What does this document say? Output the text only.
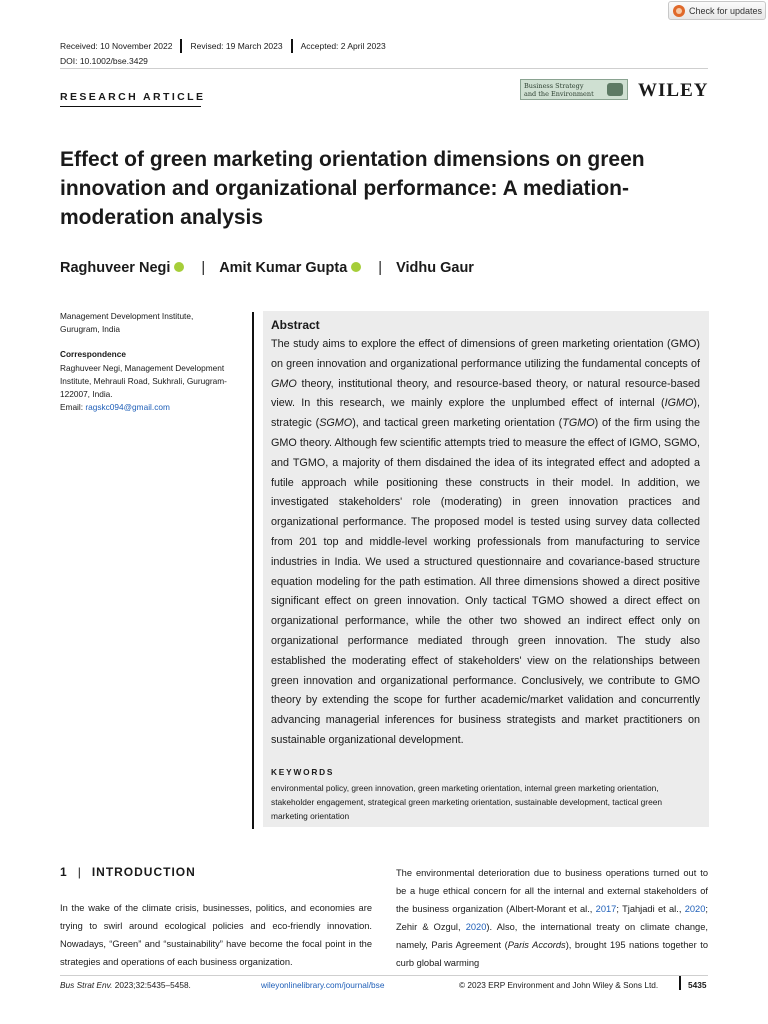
Check for updates
Received: 10 November 2022 Revised: 19 March 2023 Accepted: 2 April 2023
DOI: 10.1002/bse.3429
RESEARCH ARTICLE
Business Strategy
and the Environment	WILEY
Effect of green marketing orientation dimensions on green innovation and organizational performance: A mediation-moderation analysis
Raghuveer Negi | Amit Kumar Gupta | Vidhu Gaur
Management Development Institute,
Gurugram, India
Correspondence
Raghuveer Negi, Management Development
Institute, Mehrauli Road, Sukhrali, Gurugram-
122007, India.
Email: ragskc094@gmail.com
Abstract

The study aims to explore the effect of dimensions of green marketing orientation (GMO) on green innovation and organizational performance utilizing the fundamental concepts of GMO theory, institutional theory, and resource-based theory, or natural resource-based view. In this research, we mainly explore the unplumbed effect of internal (IGMO), strategic (SGMO), and tactical green marketing orientation (TGMO) of the firm using the GMO theory. Although few scientific attempts tried to measure the effect of IGMO, SGMO, and TGMO, a majority of them disdained the idea of its integrated effect and adopted a futile approach while positioning these constructs in their model. In addition, we investigated stakeholders' role (moderating) in green innovation practices and organizational performance. The proposed model is tested using survey data collected from 201 top and middle-level working professionals from manufacturing to service industries in India. We used a structured questionnaire and covariance-based structure equation modeling for the path estimation. All three dimensions showed a direct positive significant effect on green innovation. Only tactical TGMO showed a direct effect on organizational performance, while the other two showed an indirect effect only on organizational performance mediated through green innovation. The study also established the moderating effect of stakeholders' view on the relationships between green innovation and organizational performance. Conclusively, we contribute to GMO theory by extending the scope for further academic/market validation and concurrently advancing managerial inferences for business strategists and market practitioners on sustainable organizational development.

KEYWORDS

environmental policy, green innovation, green marketing orientation, internal green marketing orientation, stakeholder engagement, strategical green marketing orientation, sustainable development, tactical green marketing orientation

1 | INTRODUCTION

In the wake of the climate crisis, businesses, politics, and economies are trying to swirl around ecological policies and eco-friendly innovation. Nowadays, “Green” and “sustainability” have become the focal point in the strategies and operations of each business organization.

The environmental deterioration due to business operations turned out to be a huge ethical concern for all the internal and external stakeholders of the business organization (Albert-Morant et al., 2017; Tjahjadi et al., 2020; Zehir & Ozgul, 2020). Also, the international treaty on climate change, namely, Paris Agreement (Paris Accords), brought 195 nations together to curb global warming

Bus Strat Env. 2023;32:5435–5458.	wileyonlinelibrary.com/journal/bse	© 2023 ERP Environment and John Wiley & Sons Ltd.	5435
